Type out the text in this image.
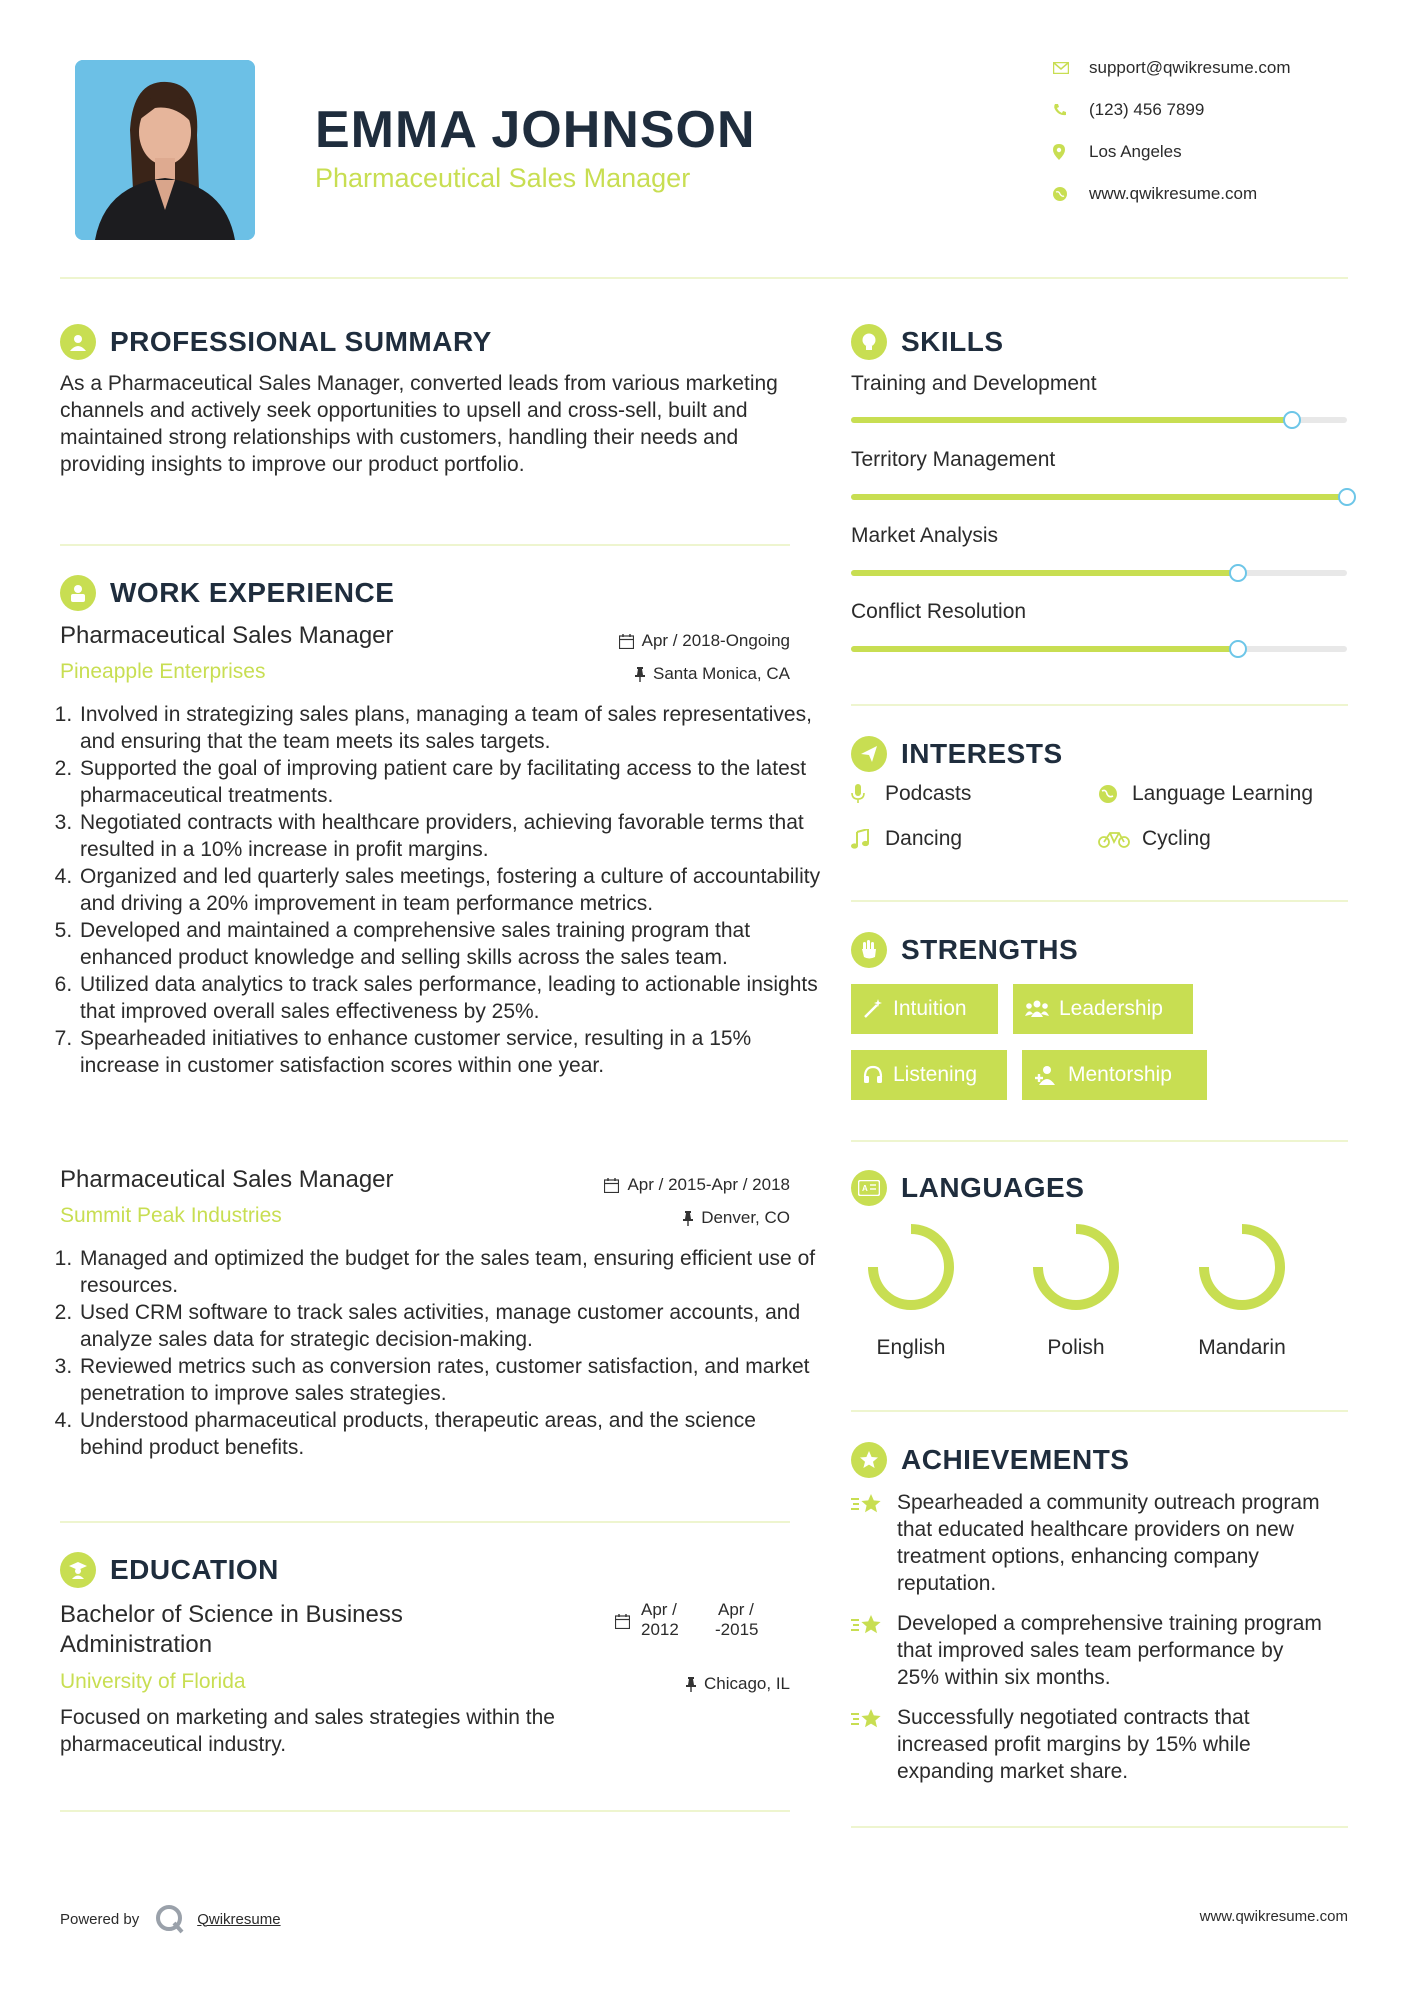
EMMA JOHNSON
Pharmaceutical Sales Manager
support@qwikresume.com
(123) 456 7899
Los Angeles
www.qwikresume.com
PROFESSIONAL SUMMARY
As a Pharmaceutical Sales Manager, converted leads from various marketing channels and actively seek opportunities to upsell and cross-sell, built and maintained strong relationships with customers, handling their needs and providing insights to improve our product portfolio.
WORK EXPERIENCE
Pharmaceutical Sales Manager
Pineapple Enterprises
Apr / 2018-Ongoing
Santa Monica, CA
1. Involved in strategizing sales plans, managing a team of sales representatives, and ensuring that the team meets its sales targets.
2. Supported the goal of improving patient care by facilitating access to the latest pharmaceutical treatments.
3. Negotiated contracts with healthcare providers, achieving favorable terms that resulted in a 10% increase in profit margins.
4. Organized and led quarterly sales meetings, fostering a culture of accountability and driving a 20% improvement in team performance metrics.
5. Developed and maintained a comprehensive sales training program that enhanced product knowledge and selling skills across the sales team.
6. Utilized data analytics to track sales performance, leading to actionable insights that improved overall sales effectiveness by 25%.
7. Spearheaded initiatives to enhance customer service, resulting in a 15% increase in customer satisfaction scores within one year.
Pharmaceutical Sales Manager
Summit Peak Industries
Apr / 2015-Apr / 2018
Denver, CO
1. Managed and optimized the budget for the sales team, ensuring efficient use of resources.
2. Used CRM software to track sales activities, manage customer accounts, and analyze sales data for strategic decision-making.
3. Reviewed metrics such as conversion rates, customer satisfaction, and market penetration to improve sales strategies.
4. Understood pharmaceutical products, therapeutic areas, and the science behind product benefits.
EDUCATION
Bachelor of Science in Business
Administration
University of Florida
Apr /
2012
Apr /
-2015
Chicago, IL
Focused on marketing and sales strategies within the pharmaceutical industry.
SKILLS
Training and Development
Territory Management
Market Analysis
Conflict Resolution
INTERESTS
Podcasts	Language Learning
Dancing	Cycling
STRENGTHS
Intuition	Leadership
Listening	Mentorship
A LANGUAGES
English	Polish	Mandarin
ACHIEVEMENTS
Spearheaded a community outreach program that educated healthcare providers on new treatment options, enhancing company reputation.
Developed a comprehensive training program that improved sales team performance by 25% within six months.
Successfully negotiated contracts that increased profit margins by 15% while expanding market share.
Powered by	Qwikresume	www.qwikresume.com
